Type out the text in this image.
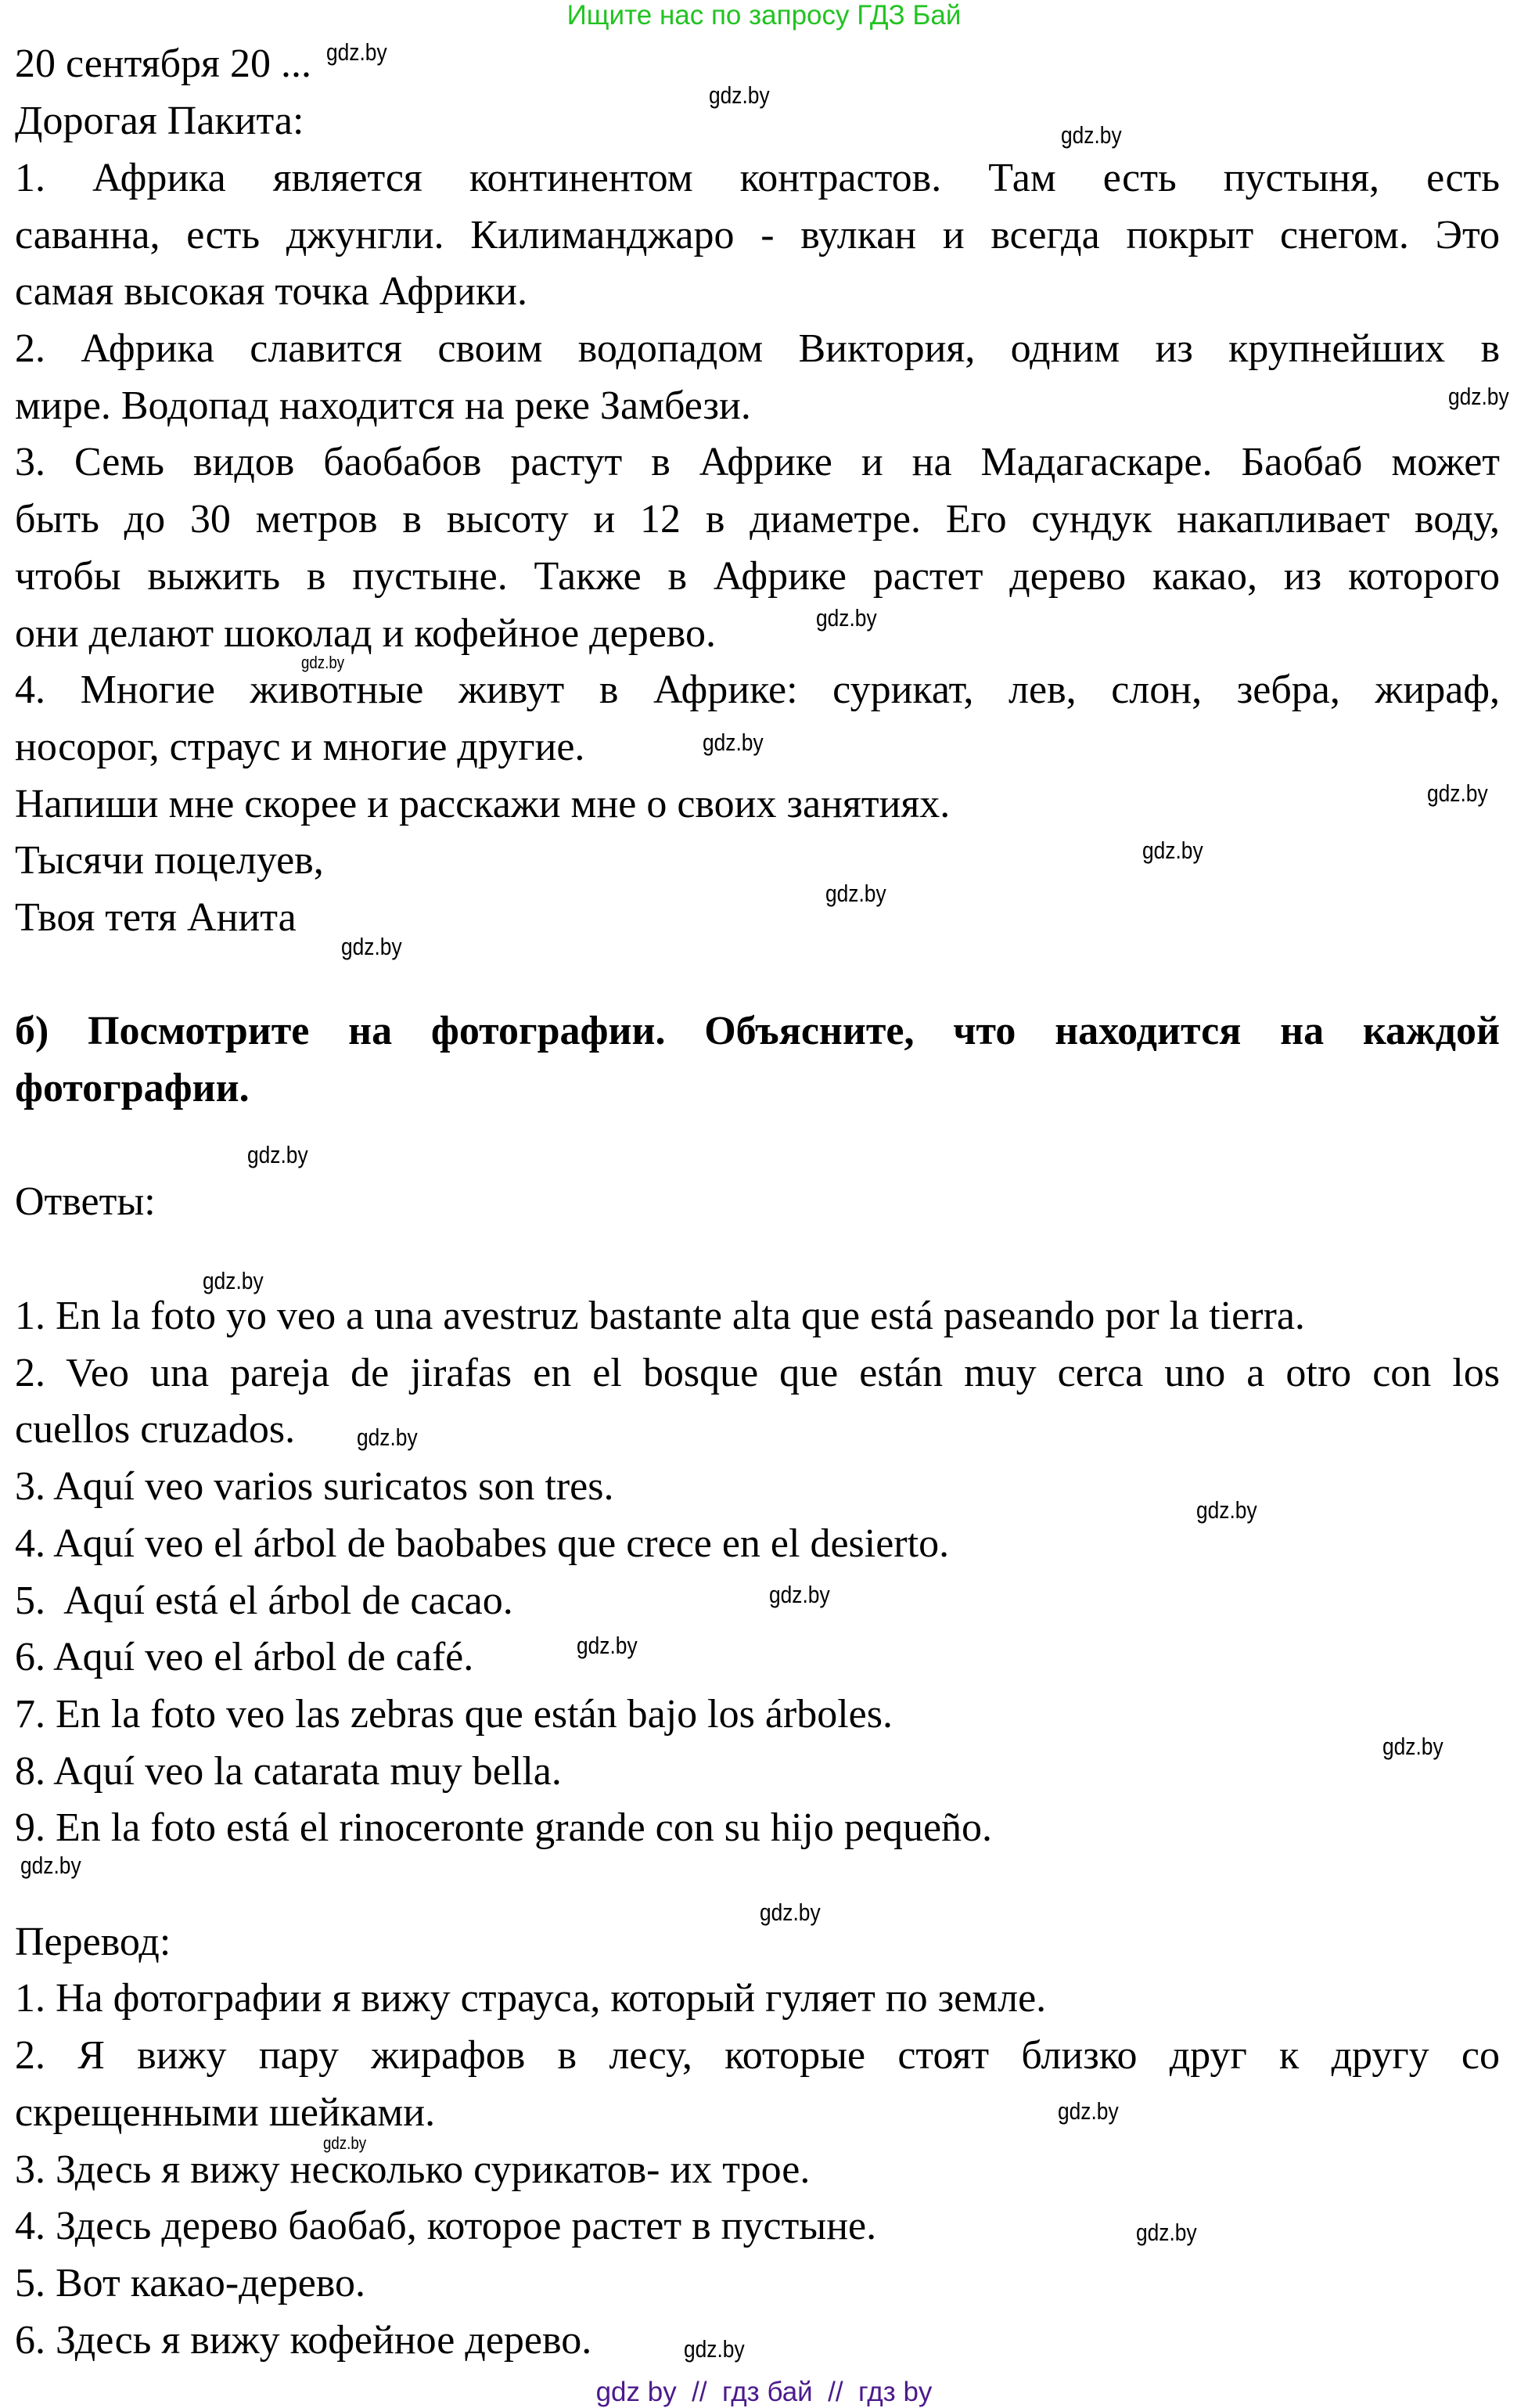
Ищите нас по запросу ГДЗ Бай
20 сентября 20 ...
Дорогая Пакита:
1. Африка является континентом контрастов. Там есть пустыня, есть
саванна, есть джунгли. Килиманджаро - вулкан и всегда покрыт снегом. Это
самая высокая точка Африки.
2. Африка славится своим водопадом Виктория, одним из крупнейших в
мире. Водопад находится на реке Замбези.
3. Семь видов баобабов растут в Африке и на Мадагаскаре. Баобаб может
быть до 30 метров в высоту и 12 в диаметре. Его сундук накапливает воду,
чтобы выжить в пустыне. Также в Африке растет дерево какао, из которого
они делают шоколад и кофейное дерево.
4. Многие животные живут в Африке: сурикат, лев, слон, зебра, жираф,
носорог, страус и многие другие.
Напиши мне скорее и расскажи мне о своих занятиях.
Тысячи поцелуев,
Твоя тетя Анита
б) Посмотрите на фотографии. Объясните, что находится на каждой
фотографии.
Ответы:
1. En la foto yo veo a una avestruz bastante alta que está paseando por la tierra.
2. Veo una pareja de jirafas en el bosque que están muy cerca uno a otro con los
cuellos cruzados.
3. Aquí veo varios suricatos son tres.
4. Aquí veo el árbol de baobabes que crece en el desierto.
5.  Aquí está el árbol de cacao.
6. Aquí veo el árbol de café.
7. En la foto veo las zebras que están bajo los árboles.
8. Aquí veo la catarata muy bella.
9. En la foto está el rinoceronte grande con su hijo pequeño.
Перевод:
1. На фотографии я вижу страуса, который гуляет по земле.
2. Я вижу пару жирафов в лесу, которые стоят близко друг к другу со
скрещенными шейками.
3. Здесь я вижу несколько сурикатов- их трое.
4. Здесь дерево баобаб, которое растет в пустыне.
5. Вот какао-дерево.
6. Здесь я вижу кофейное дерево.
gdz.by
gdz.by
gdz.by
gdz.by
gdz.by
gdz.by
gdz.by
gdz.by
gdz.by
gdz.by
gdz.by
gdz.by
gdz.by
gdz.by
gdz.by
gdz.by
gdz.by
gdz.by
gdz.by
gdz.by
gdz.by
gdz.by
gdz.by
gdz.by
gdz by  //  гдз бай  //  гдз by
